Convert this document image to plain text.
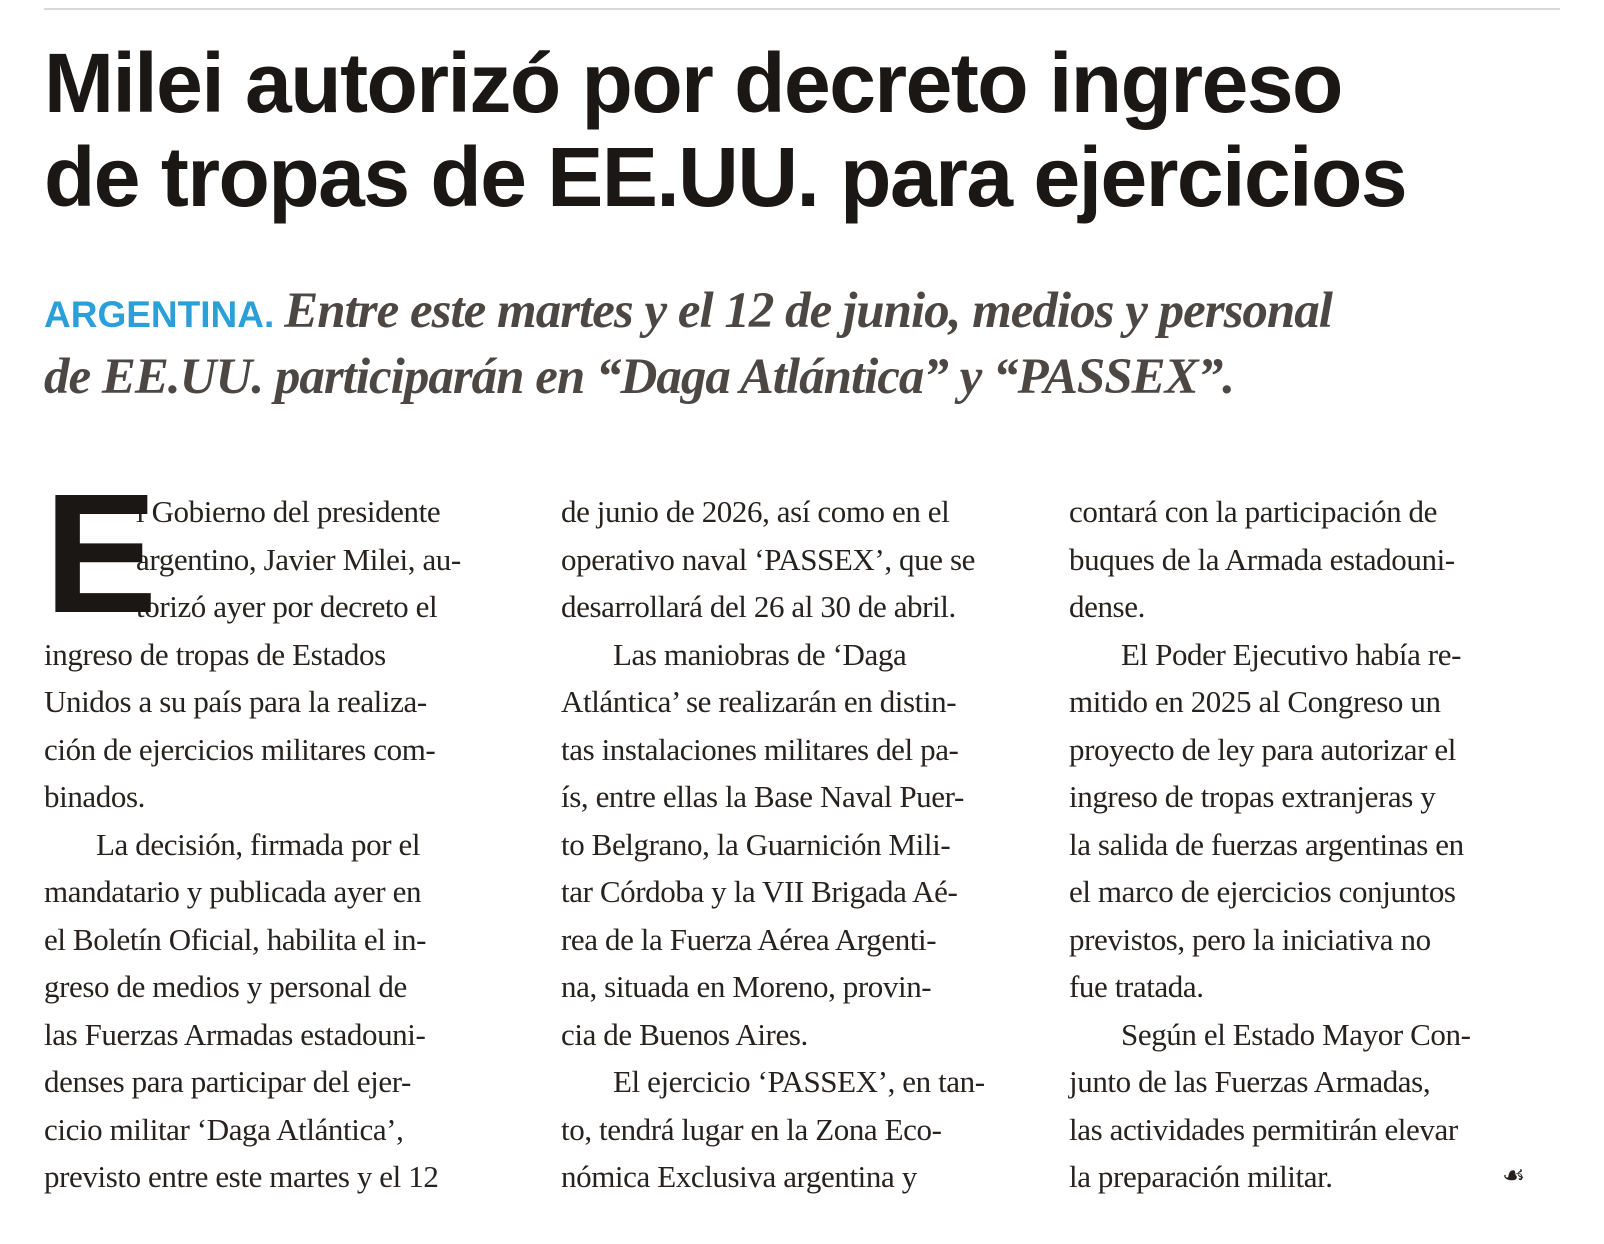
Milei autorizó por decreto ingreso
de tropas de EE.UU. para ejercicios
ARGENTINA. Entre este martes y el 12 de junio, medios y personal
de EE.UU. participarán en “Daga Atlántica” y “PASSEX”.
E
l Gobierno del presidente
argentino, Javier Milei, au-
torizó ayer por decreto el
ingreso de tropas de Estados
Unidos a su país para la realiza-
ción de ejercicios militares com-
binados.
La decisión, firmada por el
mandatario y publicada ayer en
el Boletín Oficial, habilita el in-
greso de medios y personal de
las Fuerzas Armadas estadouni-
denses para participar del ejer-
cicio militar ‘Daga Atlántica’,
previsto entre este martes y el 12
de junio de 2026, así como en el
operativo naval ‘PASSEX’, que se
desarrollará del 26 al 30 de abril.
Las maniobras de ‘Daga
Atlántica’ se realizarán en distin-
tas instalaciones militares del pa-
ís, entre ellas la Base Naval Puer-
to Belgrano, la Guarnición Mili-
tar Córdoba y la VII Brigada Aé-
rea de la Fuerza Aérea Argenti-
na, situada en Moreno, provin-
cia de Buenos Aires.
El ejercicio ‘PASSEX’, en tan-
to, tendrá lugar en la Zona Eco-
nómica Exclusiva argentina y
contará con la participación de
buques de la Armada estadouni-
dense.
El Poder Ejecutivo había re-
mitido en 2025 al Congreso un
proyecto de ley para autorizar el
ingreso de tropas extranjeras y
la salida de fuerzas argentinas en
el marco de ejercicios conjuntos
previstos, pero la iniciativa no
fue tratada.
Según el Estado Mayor Con-
junto de las Fuerzas Armadas,
las actividades permitirán elevar
la preparación militar.	☙
